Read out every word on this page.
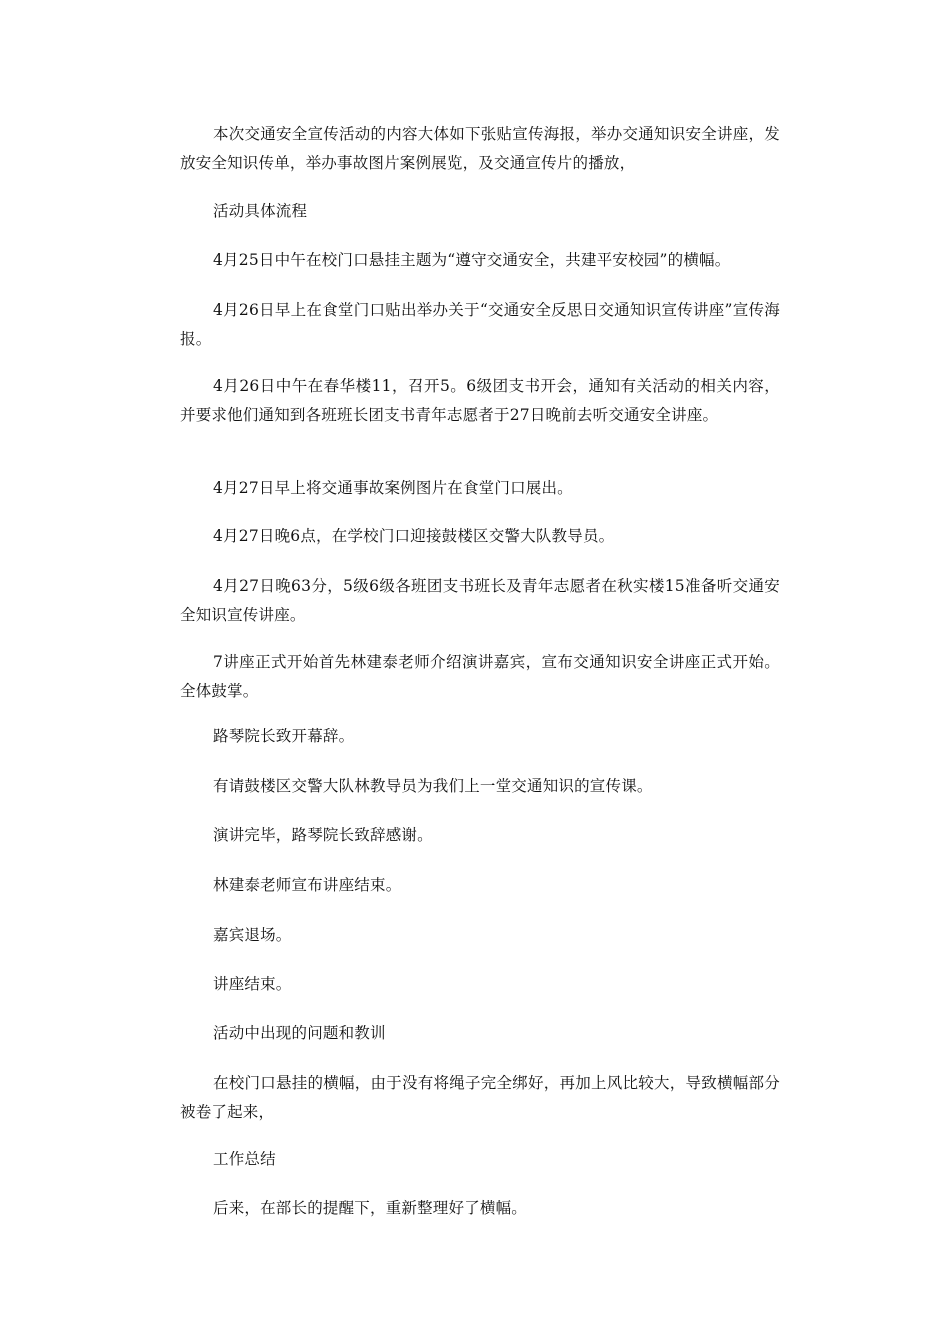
本次交通安全宣传活动的内容大体如下张贴宣传海报，举办交通知识安全讲座，发放安全知识传单，举办事故图片案例展览，及交通宣传片的播放，

活动具体流程

4月25日中午在校门口悬挂主题为“遵守交通安全，共建平安校园”的横幅。

4月26日早上在食堂门口贴出举办关于“交通安全反思日交通知识宣传讲座”宣传海报。

4月26日中午在春华楼11，召开5。6级团支书开会，通知有关活动的相关内容，并要求他们通知到各班班长团支书青年志愿者于27日晚前去听交通安全讲座。

4月27日早上将交通事故案例图片在食堂门口展出。

4月27日晚6点，在学校门口迎接鼓楼区交警大队教导员。

4月27日晚63分，5级6级各班团支书班长及青年志愿者在秋实楼15准备听交通安全知识宣传讲座。

7讲座正式开始首先林建泰老师介绍演讲嘉宾，宣布交通知识安全讲座正式开始。全体鼓掌。

路琴院长致开幕辞。

有请鼓楼区交警大队林教导员为我们上一堂交通知识的宣传课。

演讲完毕，路琴院长致辞感谢。

林建泰老师宣布讲座结束。

嘉宾退场。

讲座结束。

活动中出现的问题和教训

在校门口悬挂的横幅，由于没有将绳子完全绑好，再加上风比较大，导致横幅部分被卷了起来，

工作总结

后来，在部长的提醒下，重新整理好了横幅。
